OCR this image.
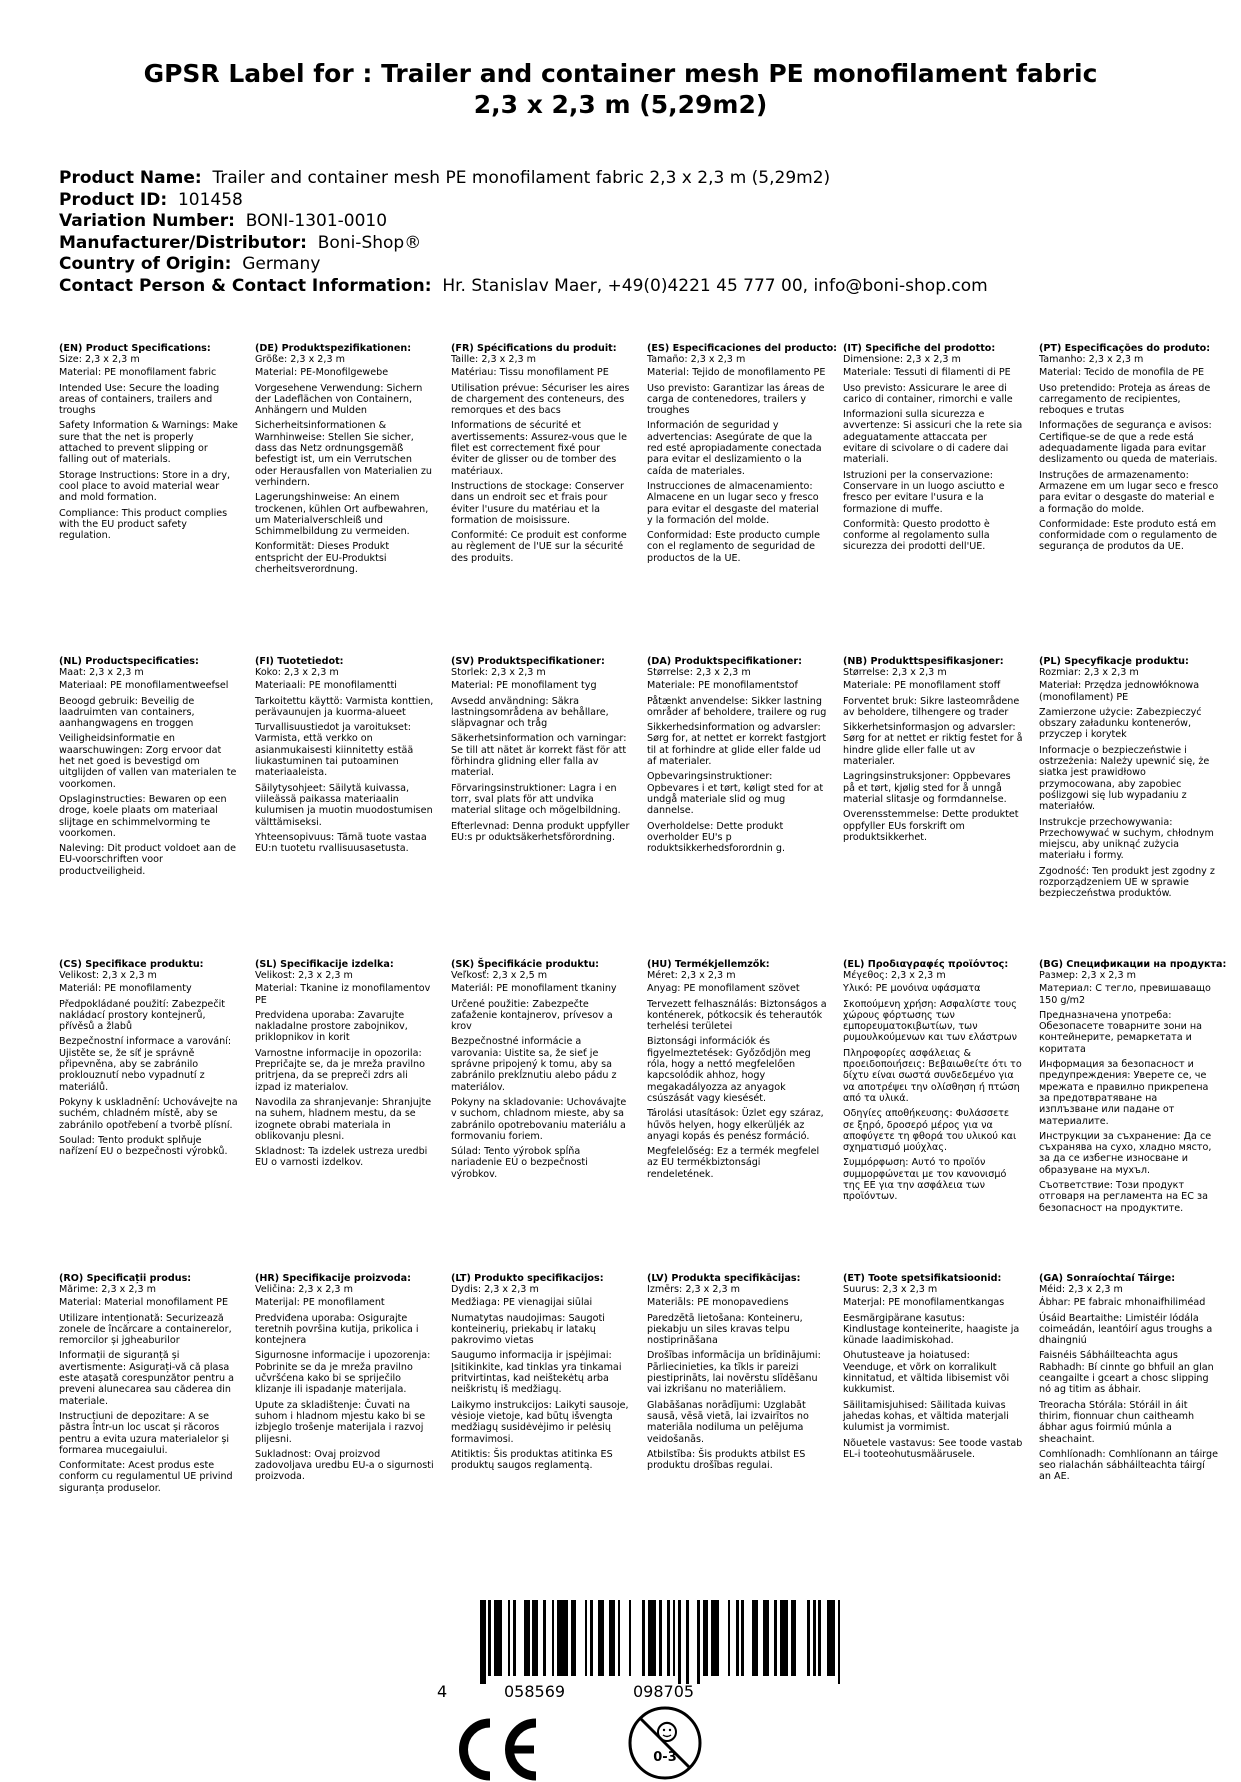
GPSR Label for : Trailer and container mesh PE monofilament fabric
2,3 x 2,3 m (5,29m2)
Product Name: Trailer and container mesh PE monofilament fabric 2,3 x 2,3 m (5,29m2)
Product ID: 101458
Variation Number: BONI-1301-0010
Manufacturer/Distributor: Boni-Shop®
Country of Origin: Germany
Contact Person & Contact Information: Hr. Stanislav Maer, +49(0)4221 45 777 00, info@boni-shop.com
(EN) Product Specifications:
Size: 2,3 x 2,3 m
Material: PE monofilament fabric
Intended Use: Secure the loading areas of containers, trailers and troughs
Safety Information & Warnings: Make sure that the net is properly attached to prevent slipping or falling out of materials.
Storage Instructions: Store in a dry, cool place to avoid material wear and mold formation.
Compliance: This product complies with the EU product safety regulation.
(DE) Produktspezifikationen:
Größe: 2,3 x 2,3 m
Material: PE-Monofilgewebe
Vorgesehene Verwendung: Sichern der Ladeflächen von Containern, Anhängern und Mulden
Sicherheitsinformationen & Warnhinweise: Stellen Sie sicher, dass das Netz ordnungsgemäß befestigt ist, um ein Verrutschen oder Herausfallen von Materialien zu verhindern.
Lagerungshinweise: An einem trockenen, kühlen Ort aufbewahren, um Materialverschleiß und Schimmelbildung zu vermeiden.
Konformität: Dieses Produkt entspricht der EU-Produktsi cherheitsverordnung.
(FR) Spécifications du produit:
Taille: 2,3 x 2,3 m
Matériau: Tissu monofilament PE
Utilisation prévue: Sécuriser les aires de chargement des conteneurs, des remorques et des bacs
Informations de sécurité et avertissements: Assurez-vous que le filet est correctement fixé pour éviter de glisser ou de tomber des matériaux.
Instructions de stockage: Conserver dans un endroit sec et frais pour éviter l'usure du matériau et la formation de moisissure.
Conformité: Ce produit est conforme au règlement de l'UE sur la sécurité des produits.
(ES) Especificaciones del producto:
Tamaño: 2,3 x 2,3 m
Material: Tejido de monofilamento PE
Uso previsto: Garantizar las áreas de carga de contenedores, trailers y troughes
Información de seguridad y advertencias: Asegúrate de que la red esté apropiadamente conectada para evitar el deslizamiento o la caída de materiales.
Instrucciones de almacenamiento: Almacene en un lugar seco y fresco para evitar el desgaste del material y la formación del molde.
Conformidad: Este producto cumple con el reglamento de seguridad de productos de la UE.
(IT) Specifiche del prodotto:
Dimensione: 2,3 x 2,3 m
Materiale: Tessuti di filamenti di PE
Uso previsto: Assicurare le aree di carico di container, rimorchi e valle
Informazioni sulla sicurezza e avvertenze: Si assicuri che la rete sia adeguatamente attaccata per evitare di scivolare o di cadere dai materiali.
Istruzioni per la conservazione: Conservare in un luogo asciutto e fresco per evitare l'usura e la formazione di muffe.
Conformità: Questo prodotto è conforme al regolamento sulla sicurezza dei prodotti dell'UE.
(PT) Especificações do produto:
Tamanho: 2,3 x 2,3 m
Material: Tecido de monofila de PE
Uso pretendido: Proteja as áreas de carregamento de recipientes, reboques e trutas
Informações de segurança e avisos: Certifique-se de que a rede está adequadamente ligada para evitar deslizamento ou queda de materiais.
Instruções de armazenamento: Armazene em um lugar seco e fresco para evitar o desgaste do material e a formação do molde.
Conformidade: Este produto está em conformidade com o regulamento de segurança de produtos da UE.
(NL) Productspecificaties:
Maat: 2,3 x 2,3 m
Materiaal: PE monofilamentweefsel
Beoogd gebruik: Beveilig de laadruimten van containers, aanhangwagens en troggen
Veiligheidsinformatie en waarschuwingen: Zorg ervoor dat het net goed is bevestigd om uitglijden of vallen van materialen te voorkomen.
Opslaginstructies: Bewaren op een droge, koele plaats om materiaal slijtage en schimmelvorming te voorkomen.
Naleving: Dit product voldoet aan de EU-voorschriften voor productveiligheid.
(FI) Tuotetiedot:
Koko: 2,3 x 2,3 m
Materiaali: PE monofilamentti
Tarkoitettu käyttö: Varmista konttien, perävaunujen ja kuorma-alueet
Turvallisuustiedot ja varoitukset: Varmista, että verkko on asianmukaisesti kiinnitetty estää liukastuminen tai putoaminen materiaaleista.
Säilytysohjeet: Säilytä kuivassa, viileässä paikassa materiaalin kulumisen ja muotin muodostumisen välttämiseksi.
Yhteensopivuus: Tämä tuote vastaa EU:n tuotetu rvallisuusasetusta.
(SV) Produktspecifikationer:
Storlek: 2,3 x 2,3 m
Material: PE monofilament tyg
Avsedd användning: Säkra lastningsområdena av behållare, släpvagnar och tråg
Säkerhetsinformation och varningar: Se till att nätet är korrekt fäst för att förhindra glidning eller falla av material.
Förvaringsinstruktioner: Lagra i en torr, sval plats för att undvika material slitage och mögelbildning.
Efterlevnad: Denna produkt uppfyller EU:s pr oduktsäkerhetsförordning.
(DA) Produktspecifikationer:
Størrelse: 2,3 x 2,3 m
Materiale: PE monofilamentstof
Påtænkt anvendelse: Sikker lastning områder af beholdere, trailere og rug
Sikkerhedsinformation og advarsler: Sørg for, at nettet er korrekt fastgjort til at forhindre at glide eller falde ud af materialer.
Opbevaringsinstruktioner: Opbevares i et tørt, køligt sted for at undgå materiale slid og mug dannelse.
Overholdelse: Dette produkt overholder EU's p roduktsikkerhedsforordnin g.
(NB) Produkttspesifikasjoner:
Størrelse: 2,3 x 2,3 m
Materiale: PE monofilament stoff
Forventet bruk: Sikre lasteområdene av beholdere, tilhengere og trader
Sikkerhetsinformasjon og advarsler: Sørg for at nettet er riktig festet for å hindre glide eller falle ut av materialer.
Lagringsinstruksjoner: Oppbevares på et tørt, kjølig sted for å unngå material slitasje og formdannelse.
Overensstemmelse: Dette produktet oppfyller EUs forskrift om produktsikkerhet.
(PL) Specyfikacje produktu:
Rozmiar: 2,3 x 2,3 m
Materiał: Przędza jednowłóknowa (monofilament) PE
Zamierzone użycie: Zabezpieczyć obszary załadunku kontenerów, przyczep i korytek
Informacje o bezpieczeństwie i ostrzeżenia: Należy upewnić się, że siatka jest prawidłowo przymocowana, aby zapobiec poślizgowi się lub wypadaniu z materiałów.
Instrukcje przechowywania: Przechowywać w suchym, chłodnym miejscu, aby uniknąć zużycia materiału i formy.
Zgodność: Ten produkt jest zgodny z rozporządzeniem UE w sprawie bezpieczeństwa produktów.
(CS) Specifikace produktu:
Velikost: 2,3 x 2,3 m
Materiál: PE monofilamenty
Předpokládané použití: Zabezpečit nakládací prostory kontejnerů, přívěsů a žlabů
Bezpečnostní informace a varování: Ujistěte se, že síť je správně připevněna, aby se zabránilo proklouznutí nebo vypadnutí z materiálů.
Pokyny k uskladnění: Uchovávejte na suchém, chladném místě, aby se zabránilo opotřebení a tvorbě plísní.
Soulad: Tento produkt splňuje nařízení EU o bezpečnosti výrobků.
(SL) Specifikacije izdelka:
Velikost: 2,3 x 2,3 m
Material: Tkanine iz monofilamentov PE
Predvidena uporaba: Zavarujte nakladalne prostore zabojnikov, priklopnikov in korit
Varnostne informacije in opozorila: Prepričajte se, da je mreža pravilno pritrjena, da se prepreči zdrs ali izpad iz materialov.
Navodila za shranjevanje: Shranjujte na suhem, hladnem mestu, da se izognete obrabi materiala in oblikovanju plesni.
Skladnost: Ta izdelek ustreza uredbi EU o varnosti izdelkov.
(SK) Špecifikácie produktu:
Veľkosť: 2,3 x 2,5 m
Materiál: PE monofilament tkaniny
Určené použitie: Zabezpečte zaťaženie kontajnerov, prívesov a krov
Bezpečnostné informácie a varovania: Uistite sa, že sieť je správne pripojený k tomu, aby sa zabránilo prekĺznutiu alebo pádu z materiálov.
Pokyny na skladovanie: Uchovávajte v suchom, chladnom mieste, aby sa zabránilo opotrebovaniu materiálu a formovaniu foriem.
Súlad: Tento výrobok spĺňa nariadenie EÚ o bezpečnosti výrobkov.
(HU) Termékjellemzők:
Méret: 2,3 x 2,3 m
Anyag: PE monofilament szövet
Tervezett felhasználás: Biztonságos a konténerek, pótkocsik és teherautók terhelési területei
Biztonsági információk és figyelmeztetések: Győződjön meg róla, hogy a nettó megfelelően kapcsolódik ahhoz, hogy megakadályozza az anyagok csúszását vagy kiesését.
Tárolási utasítások: Üzlet egy száraz, hűvös helyen, hogy elkerüljék az anyagi kopás és penész formáció.
Megfelelőség: Ez a termék megfelel az EU termékbiztonsági rendeletének.
(EL) Προδιαγραφές προϊόντος:
Μέγεθος: 2,3 x 2,3 m
Υλικό: PE μονόινα υφάσματα
Σκοπούμενη χρήση: Ασφαλίστε τους χώρους φόρτωσης των εμπορευματοκιβωτίων, των ρυμουλκούμενων και των ελάστρων
Πληροφορίες ασφάλειας & προειδοποιήσεις: Βεβαιωθείτε ότι το δίχτυ είναι σωστά συνδεδεμένο για να αποτρέψει την ολίσθηση ή πτώση από τα υλικά.
Οδηγίες αποθήκευσης: Φυλάσσετε σε ξηρό, δροσερό μέρος για να αποφύγετε τη φθορά του υλικού και σχηματισμό μούχλας.
Συμμόρφωση: Αυτό το προϊόν συμμορφώνεται με τον κανονισμό της ΕΕ για την ασφάλεια των προϊόντων.
(BG) Спецификации на продукта:
Размер: 2,3 x 2,3 m
Материал: С тегло, превишаващо 150 g/m2
Предназначена употреба: Обезопасете товарните зони на контейнерите, ремаркетата и коритата
Информация за безопасност и предупреждения: Уверете се, че мрежата е правилно прикрепена за предотвратяване на изплъзване или падане от материалите.
Инструкции за съхранение: Да се съхранява на сухо, хладно място, за да се избегне износване и образуване на мухъл.
Съответствие: Този продукт отговаря на регламента на ЕС за безопасност на продуктите.
(RO) Specificații produs:
Mărime: 2,3 x 2,3 m
Material: Material monofilament PE
Utilizare intenționată: Securizează zonele de încărcare a containerelor, remorcilor și jgheaburilor
Informații de siguranță și avertismente: Asigurați-vă că plasa este atașată corespunzător pentru a preveni alunecarea sau căderea din materiale.
Instrucțiuni de depozitare: A se păstra într-un loc uscat și răcoros pentru a evita uzura materialelor și formarea mucegaiului.
Conformitate: Acest produs este conform cu regulamentul UE privind siguranța produselor.
(HR) Specifikacije proizvoda:
Veličina: 2,3 x 2,3 m
Materijal: PE monofilament
Predviđena uporaba: Osigurajte teretnih površina kutija, prikolica i kontejnera
Sigurnosne informacije i upozorenja: Pobrinite se da je mreža pravilno učvršćena kako bi se spriječilo klizanje ili ispadanje materijala.
Upute za skladištenje: Čuvati na suhom i hladnom mjestu kako bi se izbjeglo trošenje materijala i razvoj plijesni.
Sukladnost: Ovaj proizvod zadovoljava uredbu EU-a o sigurnosti proizvoda.
(LT) Produkto specifikacijos:
Dydis: 2,3 x 2,3 m
Medžiaga: PE vienagijai siūlai
Numatytas naudojimas: Saugoti konteinerių, priekabų ir latakų pakrovimo vietas
Saugumo informacija ir įspėjimai: Įsitikinkite, kad tinklas yra tinkamai pritvirtintas, kad neištekėtų arba neiškristų iš medžiagų.
Laikymo instrukcijos: Laikyti sausoje, vėsioje vietoje, kad būtų išvengta medžiagų susidėvėjimo ir pelėsių formavimosi.
Atitiktis: Šis produktas atitinka ES produktų saugos reglamentą.
(LV) Produkta specifikācijas:
Izmērs: 2,3 x 2,3 m
Materiāls: PE monopavediens
Paredzētā lietošana: Konteineru, piekabju un siles kravas telpu nostiprināšana
Drošības informācija un brīdinājumi: Pārliecinieties, ka tīkls ir pareizi piestiprināts, lai novērstu slīdēšanu vai izkrišanu no materiāliem.
Glabāšanas norādījumi: Uzglabāt sausā, vēsā vietā, lai izvairītos no materiāla nodiluma un pelējuma veidošanās.
Atbilstība: Šis produkts atbilst ES produktu drošības regulai.
(ET) Toote spetsifikatsioonid:
Suurus: 2,3 x 2,3 m
Materjal: PE monofilamentkangas
Eesmärgipärane kasutus: Kindlustage konteinerite, haagiste ja künade laadimiskohad.
Ohutusteave ja hoiatused: Veenduge, et võrk on korralikult kinnitatud, et vältida libisemist või kukkumist.
Säilitamisjuhised: Säilitada kuivas jahedas kohas, et vältida materjali kulumist ja vormimist.
Nõuetele vastavus: See toode vastab EL-i tooteohutusmäärusele.
(GA) Sonraíochtaí Táirge:
Méid: 2,3 x 2,3 m
Ábhar: PE fabraic mhonaifhiliméad
Úsáid Beartaithe: Limistéir lódála coimeádán, leantóirí agus troughs a dhaingniú
Faisnéis Sábháilteachta agus Rabhadh: Bí cinnte go bhfuil an glan ceangailte i gceart a chosc slipping nó ag titim as ábhair.
Treoracha Stórála: Stóráil in áit thirim, fionnuar chun caitheamh ábhar agus foirmiú múnla a sheachaint.
Comhlíonadh: Comhlíonann an táirge seo rialachán sábháilteachta táirgí an AE.
4	058569	098705
0-3
